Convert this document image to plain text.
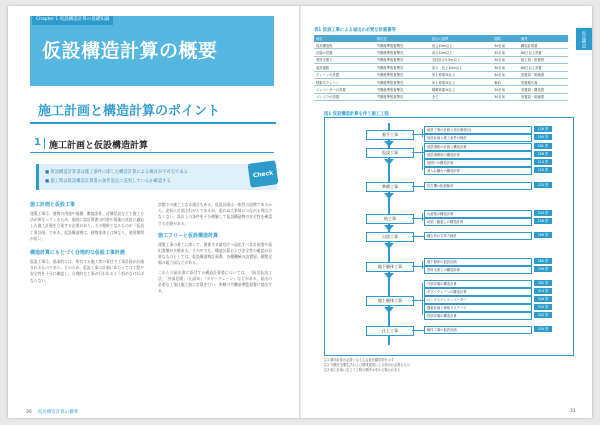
Chapter 1 仮設構造計算の基礎知識
仮設構造計算の概要
施工計画と構造計算のポイント
1 施工計画と仮設構造計算
■ 仮設構造計算書は施工条件に即した構造計算による検討が不可欠である
■ 施工時は仮設構造計算書の条件設定に充実しているか確認する
Check
施工計画と仮設工事

建築工事は、建物の用途や規模、敷地条件、近隣状況などで施工方法が異なってくるため、個別に設計図書の内容や現地の状況に適応した施工計画を立案する必要があり、その根幹となるものが「仮設工事計画」である。仮設構造物は、建物本体とは異なり、使用期間が短い。

構造計算にもとづく合理的な仮設工事計画

仮設工事は、基本的には、所有する施工者の責任で工事計画が計画されるものであり、そのため、仮設工事の計画にあたっては工程や安全性を十分に確認し、合理的な工事が行われるよう努めなければならない。

状態での施工となる場合もある。仮設計画は一般性の設備であるから、安易に計画されがちであるが、思わぬ大事故につながる例は少なくない。設計上の条件を十分理解して仮設構造物の安全性を確認する必要がある。

施工フローと仮設構造計算

建築工事の着工に際して、関係する諸官庁へ届出すべき計画書や届出書類が多数ある。その中でも、構造計算および安全性の確認が必要なものとしては、仮設構造物計画書、各種機械の設置届、鋼製足場の組立届などがある。

これらの届出書に添付する構造計算書については、「既存仮設工法」「外部足場」「山留め」「タワークレーン」などがある。届出の必要な工事は施工前に計算を行い、所轄の労働基準監督署に提出する。

30 仮設構造計算の概要
仮設構造
表1 仮設工事による届出の必要な計画書等
項目	届出先	届出の基準	期限	備考
仮設構造物	労働基準監督署長	高さ10m以上	30日前	構造計算書
足場の設置	労働基準監督署長	高さ10m以上	30日前	60日以上設置
型枠支保工	労働基準監督署長	支柱高さ3.5m以上	30日前	組立図・配置図
架設通路	労働基準監督署長	高さ・長さ10m以上	30日前	60日以上設置
クレーンの設置	労働基準監督署長	吊上荷重3t以上	30日前	設置届・明細書
移動式クレーン	労働基準監督署長	吊上荷重3t以上	事前	設置報告書
エレベーターの設置	労働基準監督署長	積載荷重1t以上	30日前	設置届・構造図
ゴンドラの設置	労働基準監督署長	全て	30日前	設置届・明細書
図1 仮設構造計算を伴う施工工程
着手工事
仮設工事の計画と届出事項(1)	126 頁
仮設計画と施工条件の検討	194 頁
仮設工事
仮設道路の計画と構造計算	201 頁
仮設事務所の構造計算	208 頁
仮囲いの構造計算	214 頁
乗入れ構台の構造計算	220 頁
準備工事	杭打機の転倒検討	232 頁
杭工事
山留壁の構造計算	244 頁
切梁・腹起しの構造計算	256 頁
山留工事	構台杭の支持力検討	268 頁
地下躯体工事
地下躯体の仮設計画	280 頁
型枠支保工の構造計算	290 頁
地上躯体工事
外部足場の構造計算	302 頁
タワークレーンの構造計算	314 頁
ロングスパンエレベーター	326 頁
揚重計画と荷取りステージ	334 頁
内部足場の構造計算	342 頁
仕上工事	解体工事の仮設計画	350 頁
注1 構造計算が必要となる主な仮設構造物を示す
注2 労働安全衛生法および関連規則による届出が必要なもの
注3 施工計画に応じて工程の順序は変わる場合がある
31
